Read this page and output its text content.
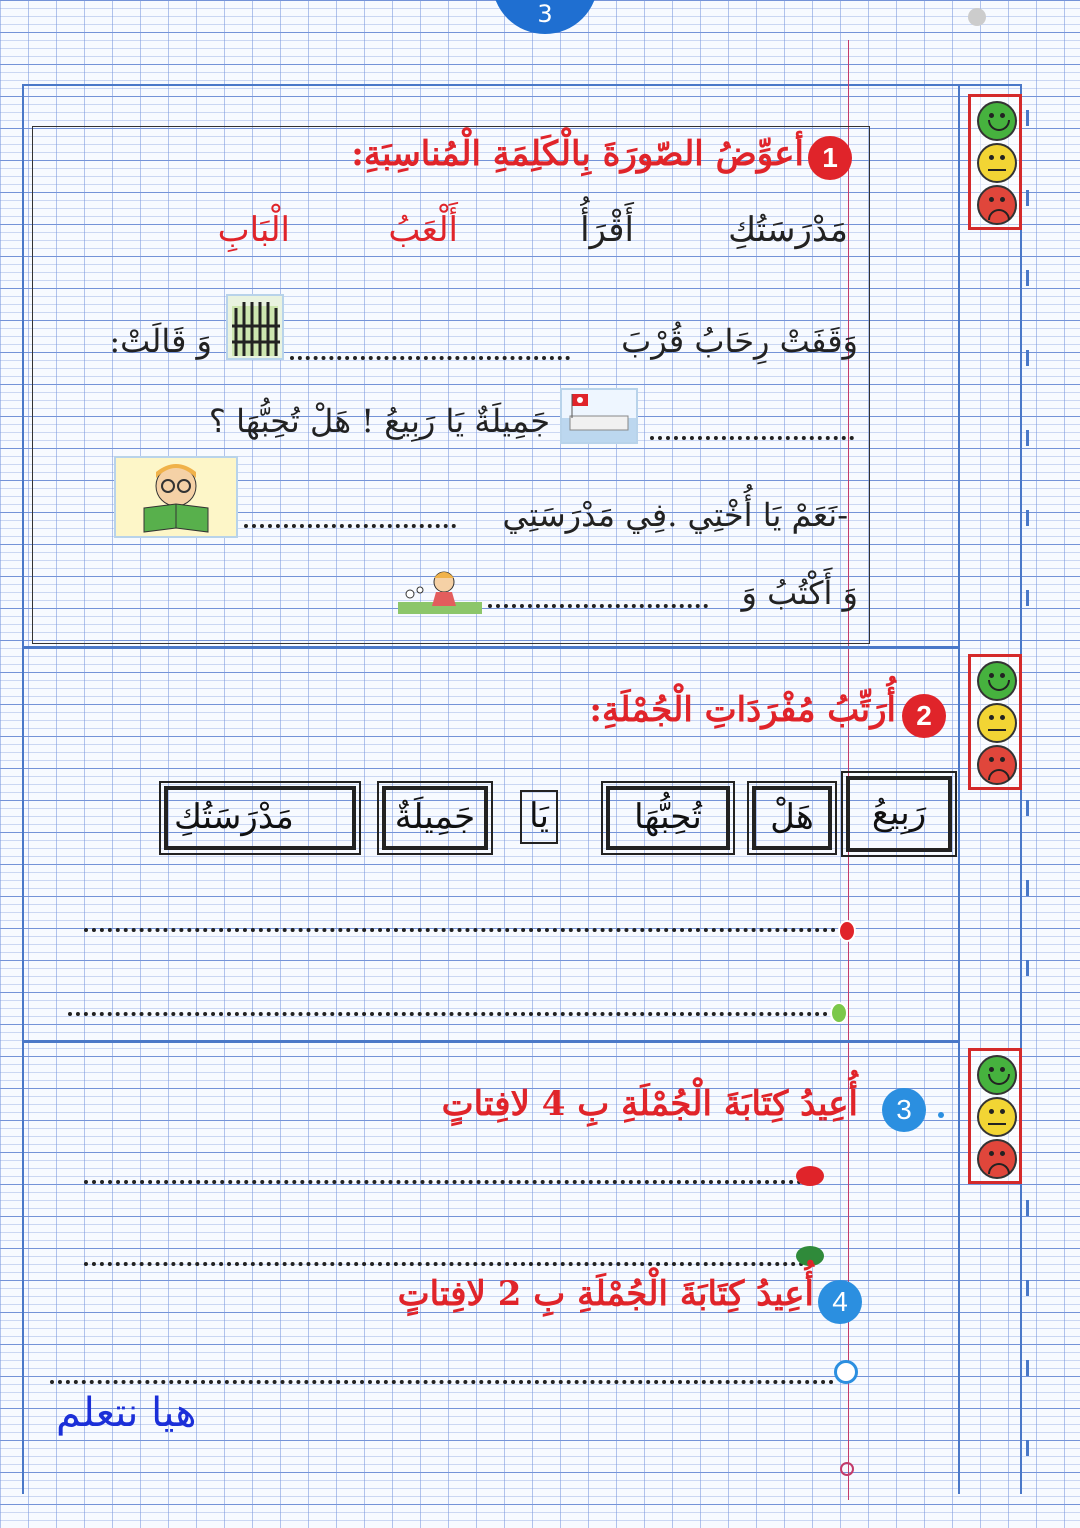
3
1
أعوِّضُ الصّورَةَ بِالْكَلِمَةِ الْمُناسِبَةِ:
مَدْرَسَتُكِ
أَقْرَأُ
أَلْعَبُ
الْبَابِ
وَقَفَتْ رِحَابُ قُرْبَ
وَ قَالَتْ:
جَمِيلَةٌ يَا رَبِيعُ ! هَلْ تُحِبُّهَا ؟
-نَعَمْ يَا أُخْتِي .فِي مَدْرَسَتِي
وَ أَكْتُبُ وَ
2
أُرَتِّبُ مُفْرَدَاتِ الْجُمْلَةِ:
رَبِيعُ
هَلْ
تُحِبُّهَا
يَا
جَمِيلَةٌ
مَدْرَسَتُكِ
3
أُعِيدُ كِتَابَةَ الْجُمْلَةِ بِ 4 لافِتاتٍ
4
أُعِيدُ كِتَابَةَ الْجُمْلَةِ بِ 2 لافِتاتٍ
هيا نتعلم
